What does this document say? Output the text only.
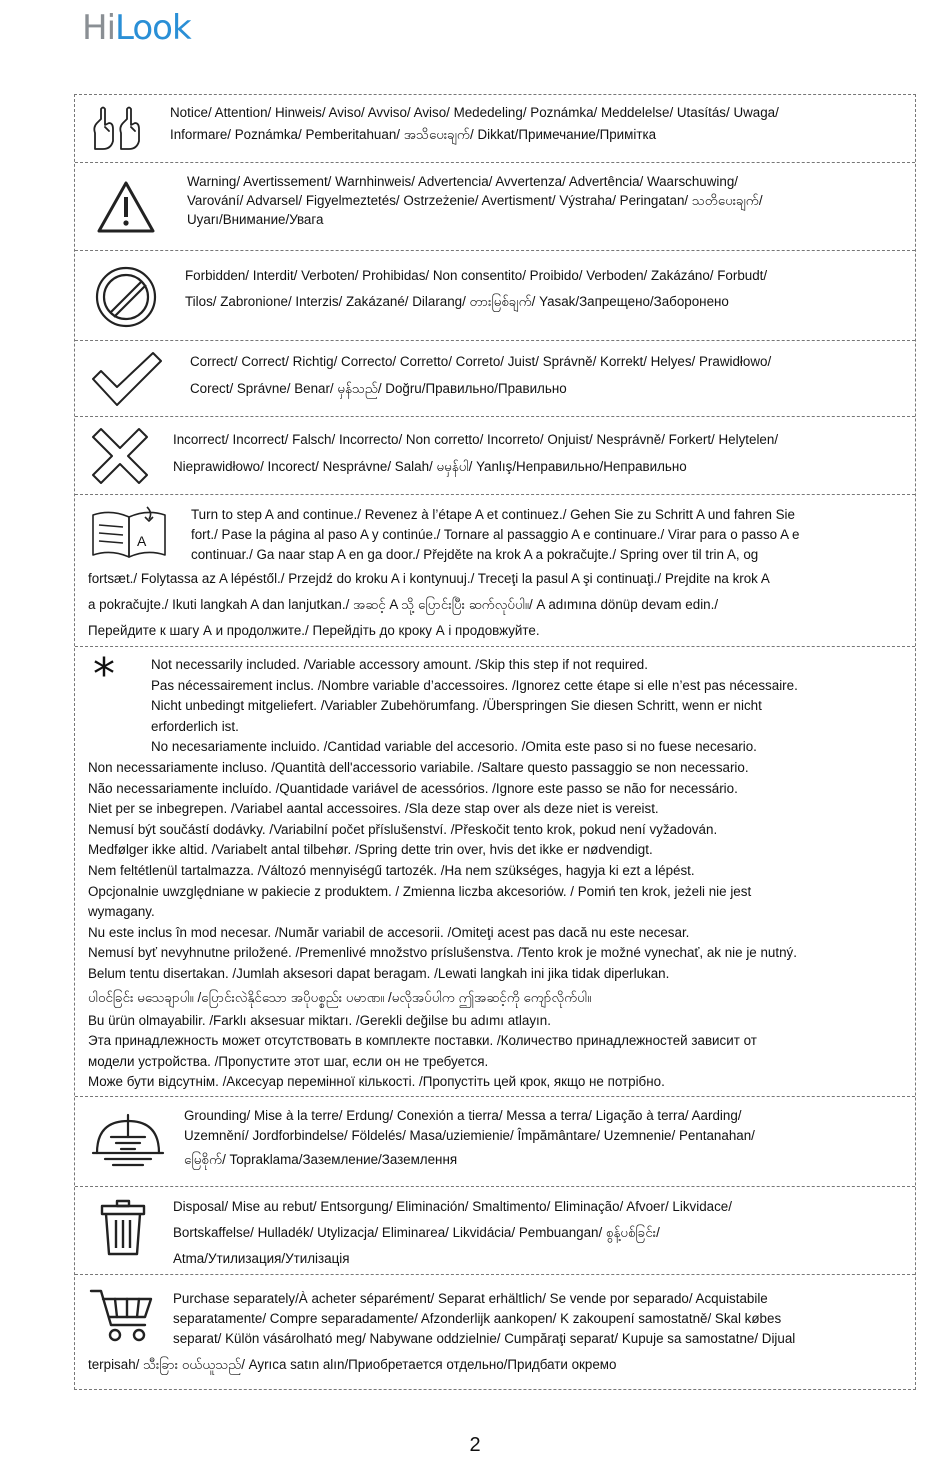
Hi Look
Notice/ Attention/ Hinweis/ Aviso/ Avviso/ Aviso/ Mededeling/ Poznámka/ Meddelelse/ Utasítás/ Uwaga/
Informare/ Poznámka/ Pemberitahuan/ အသိပေးချက်/ Dikkat/Примечание/Примітка
Warning/ Avertissement/ Warnhinweis/ Advertencia/ Avvertenza/ Advertência/ Waarschuwing/
Varování/ Advarsel/ Figyelmeztetés/ Ostrzeżenie/ Avertisment/ Výstraha/ Peringatan/ သတိပေးချက်/
Uyarı/Внимание/Увага
Forbidden/ Interdit/ Verboten/ Prohibidas/ Non consentito/ Proibido/ Verboden/ Zakázáno/ Forbudt/
Tilos/ Zabronione/ Interzis/ Zakázané/ Dilarang/ တားမြစ်ချက်/ Yasak/Запрещено/Заборонено
Correct/ Correct/ Richtig/ Correcto/ Corretto/ Correto/ Juist/ Správně/ Korrekt/ Helyes/ Prawidłowo/
Corect/ Správne/ Benar/ မှန်သည်/ Doğru/Правильно/Правильно
Incorrect/ Incorrect/ Falsch/ Incorrecto/ Non corretto/ Incorreto/ Onjuist/ Nesprávně/ Forkert/ Helytelen/
Nieprawidłowo/ Incorect/ Nesprávne/ Salah/ မမှန်ပါ/ Yanlış/Неправильно/Неправильно
A
Turn to step A and continue./ Revenez à l’étape A et continuez./ Gehen Sie zu Schritt A und fahren Sie
fort./ Pase la página al paso A y continúe./ Tornare al passaggio A e continuare./ Virar para o passo A e
continuar./ Ga naar stap A en ga door./ Přejděte na krok A a pokračujte./ Spring over til trin A, og
fortsæt./ Folytassa az A lépéstől./ Przejdź do kroku A i kontynuuj./ Treceţi la pasul A şi continuaţi./ Prejdite na krok A
a pokračujte./ Ikuti langkah A dan lanjutkan./ အဆင့် A သို့ ပြောင်းပြီး ဆက်လုပ်ပါ။/ A adımına dönüp devam edin./
Перейдите к шагу А и продолжите./ Перейдіть до кроку А і продовжуйте.
*	Not necessarily included. /Variable accessory amount. /Skip this step if not required.
Pas nécessairement inclus. /Nombre variable d’accessoires. /Ignorez cette étape si elle n’est pas nécessaire.
Nicht unbedingt mitgeliefert. /Variabler Zubehörumfang. /Überspringen Sie diesen Schritt, wenn er nicht
erforderlich ist.
No necesariamente incluido. /Cantidad variable del accesorio. /Omita este paso si no fuese necesario.
Non necessariamente incluso. /Quantità dell'accessorio variabile. /Saltare questo passaggio se non necessario.
Não necessariamente incluído. /Quantidade variável de acessórios. /Ignore este passo se não for necessário.
Niet per se inbegrepen. /Variabel aantal accessoires. /Sla deze stap over als deze niet is vereist.
Nemusí být součástí dodávky. /Variabilní počet příslušenství. /Přeskočit tento krok, pokud není vyžadován.
Medfølger ikke altid. /Variabelt antal tilbehør. /Spring dette trin over, hvis det ikke er nødvendigt.
Nem feltétlenül tartalmazza. /Változó mennyiségű tartozék. /Ha nem szükséges, hagyja ki ezt a lépést.
Opcjonalnie uwzględniane w pakiecie z produktem. / Zmienna liczba akcesoriów. / Pomiń ten krok, jeżeli nie jest
wymagany.
Nu este inclus în mod necesar. /Număr variabil de accesorii. /Omiteţi acest pas dacă nu este necesar.
Nemusí byť nevyhnutne priložené. /Premenlivé množstvo príslušenstva. /Tento krok je možné vynechať, ak nie je nutný.
Belum tentu disertakan. /Jumlah aksesori dapat beragam. /Lewati langkah ini jika tidak diperlukan.
ပါဝင်ခြင်း မသေချာပါ။ /ပြောင်းလဲနိုင်သော အပိုပစ္စည်း ပမာဏ။ /မလိုအပ်ပါက ဤအဆင့်ကို ကျော်လိုက်ပါ။
Bu ürün olmayabilir. /Farklı aksesuar miktarı. /Gerekli değilse bu adımı atlayın.
Эта принадлежность может отсутствовать в комплекте поставки. /Количество принадлежностей зависит от
модели устройства. /Пропустите этот шаг, если он не требуется.
Може бути відсутнім. /Аксесуар перемінної кількості. /Пропустіть цей крок, якщо не потрібно.
Grounding/ Mise à la terre/ Erdung/ Conexión a tierra/ Messa a terra/ Ligação à terra/ Aarding/
Uzemnění/ Jordforbindelse/ Földelés/ Masa/uziemienie/ Împământare/ Uzemnenie/ Pentanahan/
မြေစိုက်/ Topraklama/Заземление/Заземлення
Disposal/ Mise au rebut/ Entsorgung/ Eliminación/ Smaltimento/ Eliminação/ Afvoer/ Likvidace/
Bortskaffelse/ Hulladék/ Utylizacja/ Eliminarea/ Likvidácia/ Pembuangan/ စွန့်ပစ်ခြင်း/
Atma/Утилизация/Утилізація
Purchase separately/À acheter séparément/ Separat erhältlich/ Se vende por separado/ Acquistabile
separatamente/ Compre separadamente/ Afzonderlijk aankopen/ K zakoupení samostatně/ Skal købes
separat/ Külön vásárolható meg/ Nabywane oddzielnie/ Cumpăraţi separat/ Kupuje sa samostatne/ Dijual
terpisah/ သီးခြား ဝယ်ယူသည်/ Ayrıca satın alın/Приобретается отдельно/Придбати окремо
2
